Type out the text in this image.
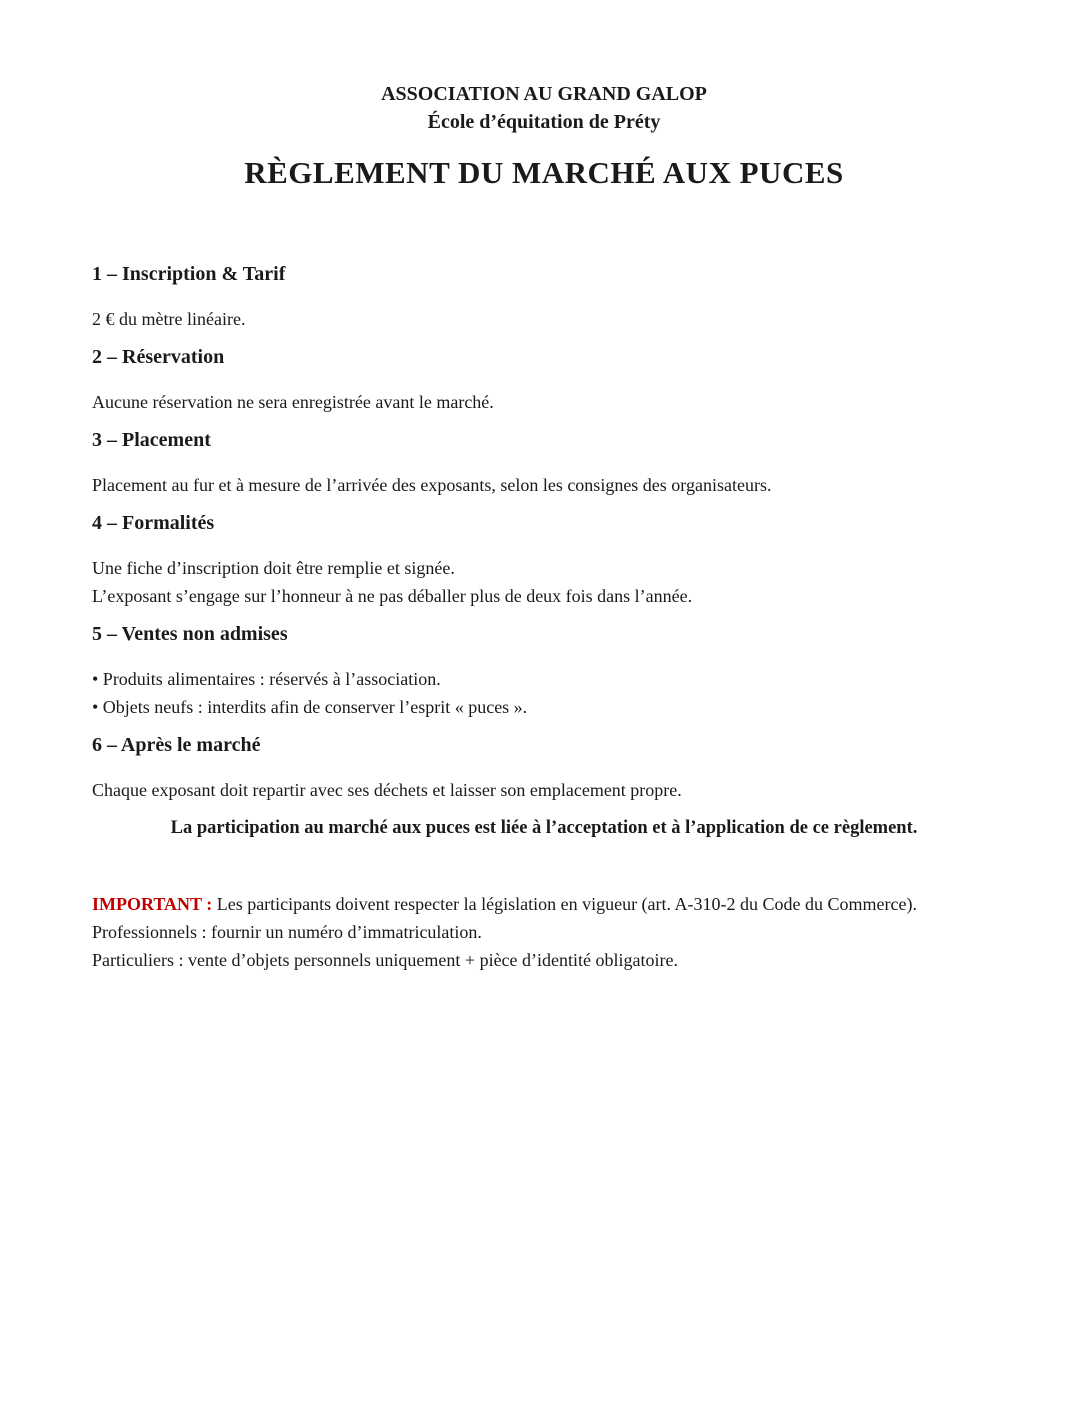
ASSOCIATION AU GRAND GALOP
École d’équitation de Préty
RÈGLEMENT DU MARCHÉ AUX PUCES
1 – Inscription & Tarif
2 € du mètre linéaire.
2 – Réservation
Aucune réservation ne sera enregistrée avant le marché.
3 – Placement
Placement au fur et à mesure de l’arrivée des exposants, selon les consignes des organisateurs.
4 – Formalités
Une fiche d’inscription doit être remplie et signée.
L’exposant s’engage sur l’honneur à ne pas déballer plus de deux fois dans l’année.
5 – Ventes non admises
• Produits alimentaires : réservés à l’association.
• Objets neufs : interdits afin de conserver l’esprit « puces ».
6 – Après le marché
Chaque exposant doit repartir avec ses déchets et laisser son emplacement propre.
La participation au marché aux puces est liée à l’acceptation et à l’application de ce règlement.
IMPORTANT : Les participants doivent respecter la législation en vigueur (art. A-310-2 du Code du Commerce).
Professionnels : fournir un numéro d’immatriculation.
Particuliers : vente d’objets personnels uniquement + pièce d’identité obligatoire.
